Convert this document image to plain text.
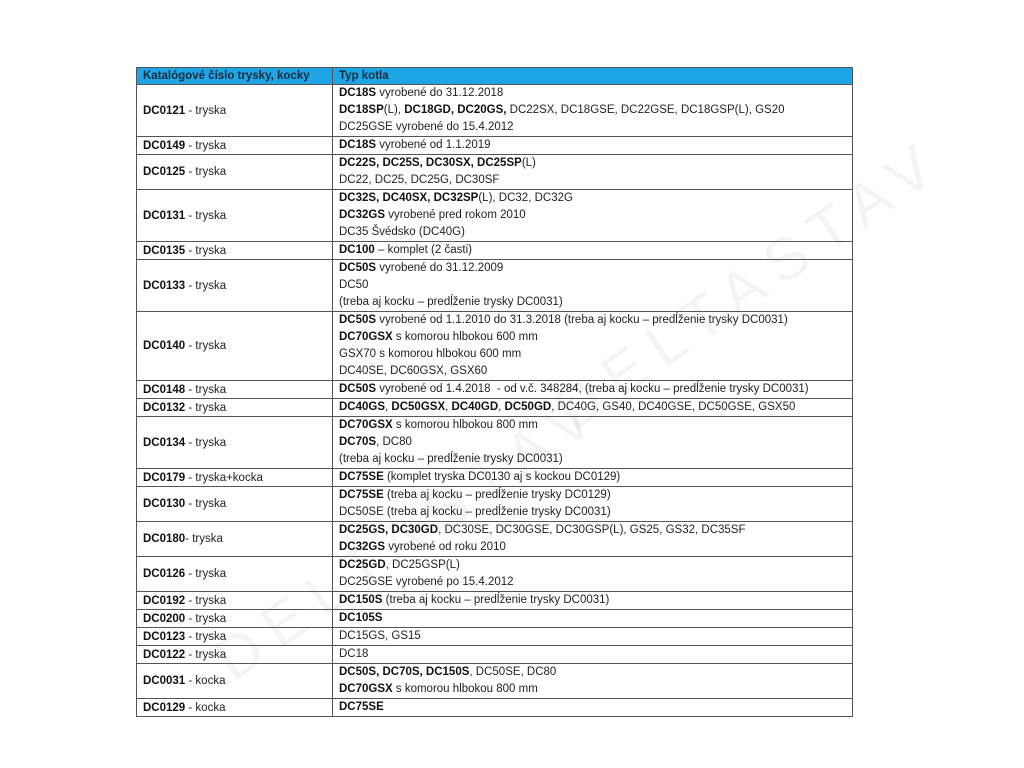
Katalógové číslo trysky, kocky	Typ kotla
DC0121 - tryska	DC18S vyrobené do 31.12.2018
DC18SP(L), DC18GD, DC20GS, DC22SX, DC18GSE, DC22GSE, DC18GSP(L), GS20
DC25GSE vyrobené do 15.4.2012

DC0149 - tryska	DC18S vyrobené od 1.1.2019

DC0125 - tryska	DC22S, DC25S, DC30SX, DC25SP(L)
DC22, DC25, DC25G, DC30SF

DC0131 - tryska	DC32S, DC40SX, DC32SP(L), DC32, DC32G
DC32GS vyrobené pred rokom 2010
DC35 Švédsko (DC40G)

DC0135 - tryska	DC100 – komplet (2 časti)

DC0133 - tryska	DC50S vyrobené do 31.12.2009
DC50
(treba aj kocku – predĺženie trysky DC0031)

DC0140 - tryska	DC50S vyrobené od 1.1.2010 do 31.3.2018 (treba aj kocku – predĺženie trysky DC0031)
DC70GSX s komorou hlbokou 600 mm
GSX70 s komorou hlbokou 600 mm
DC40SE, DC60GSX, GSX60

DC0148 - tryska	DC50S vyrobené od 1.4.2018  - od v.č. 348284, (treba aj kocku – predĺženie trysky DC0031)

DC0132 - tryska	DC40GS, DC50GSX, DC40GD, DC50GD, DC40G, GS40, DC40GSE, DC50GSE, GSX50

DC0134 - tryska	DC70GSX s komorou hlbokou 800 mm
DC70S, DC80
(treba aj kocku – predĺženie trysky DC0031)

DC0179 - tryska+kocka	DC75SE (komplet tryska DC0130 aj s kockou DC0129)

DC0130 - tryska	DC75SE (treba aj kocku – predĺženie trysky DC0129)
DC50SE (treba aj kocku – predĺženie trysky DC0031)

DC0180- tryska	DC25GS, DC30GD, DC30SE, DC30GSE, DC30GSP(L), GS25, GS32, DC35SF
DC32GS vyrobené od roku 2010

DC0126 - tryska	DC25GD, DC25GSP(L)
DC25GSE vyrobené po 15.4.2012

DC0192 - tryska	DC150S (treba aj kocku – predĺženie trysky DC0031)

DC0200 - tryska	DC105S

DC0123 - tryska	DC15GS, GS15

DC0122 - tryska	DC18

DC0031 - kocka	DC50S, DC70S, DC150S, DC50SE, DC80
DC70GSX s komorou hlbokou 800 mm

DC0129 - kocka	DC75SE
